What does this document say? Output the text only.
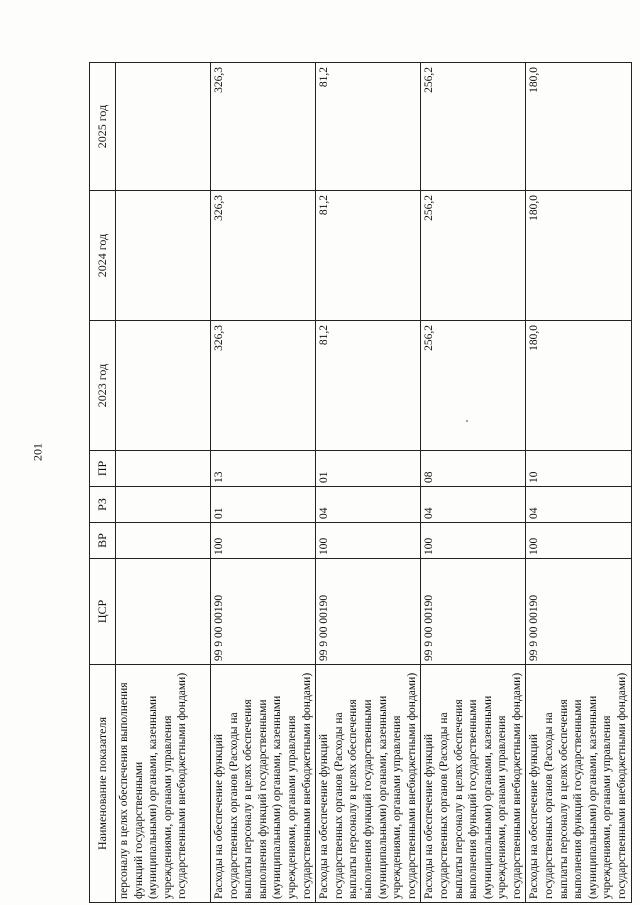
201
Наименование показателя	ЦСР	ВР	РЗ	ПР	2023 год	2024 год	2025 год
персоналу в целях обеспечения выполнения функций государственными (муниципальными) органами, казенными учреждениями, органами управления государственными внебюджетными фондами)							
Расходы на обеспечение функций государственных органов (Расходы на выплаты персоналу в целях обеспечения выполнения функций государственными (муниципальными) органами, казенными учреждениями, органами управления государственными внебюджетными фондами)	99 9 00 00190	100	01	13	326,3	326,3	326,3
Расходы на обеспечение функций государственных органов (Расходы на выплаты персоналу в целях обеспечения выполнения функций государственными (муниципальными) органами, казенными учреждениями, органами управления государственными внебюджетными фондами)	99 9 00 00190	100	04	01	81,2	81,2	81,2
Расходы на обеспечение функций государственных органов (Расходы на выплаты персоналу в целях обеспечения выполнения функций государственными (муниципальными) органами, казенными учреждениями, органами управления государственными внебюджетными фондами)	99 9 00 00190	100	04	08	256,2	256,2	256,2
Расходы на обеспечение функций государственных органов (Расходы на выплаты персоналу в целях обеспечения выполнения функций государственными (муниципальными) органами, казенными учреждениями, органами управления государственными внебюджетными фондами)	99 9 00 00190	100	04	10	180,0	180,0	180,0
